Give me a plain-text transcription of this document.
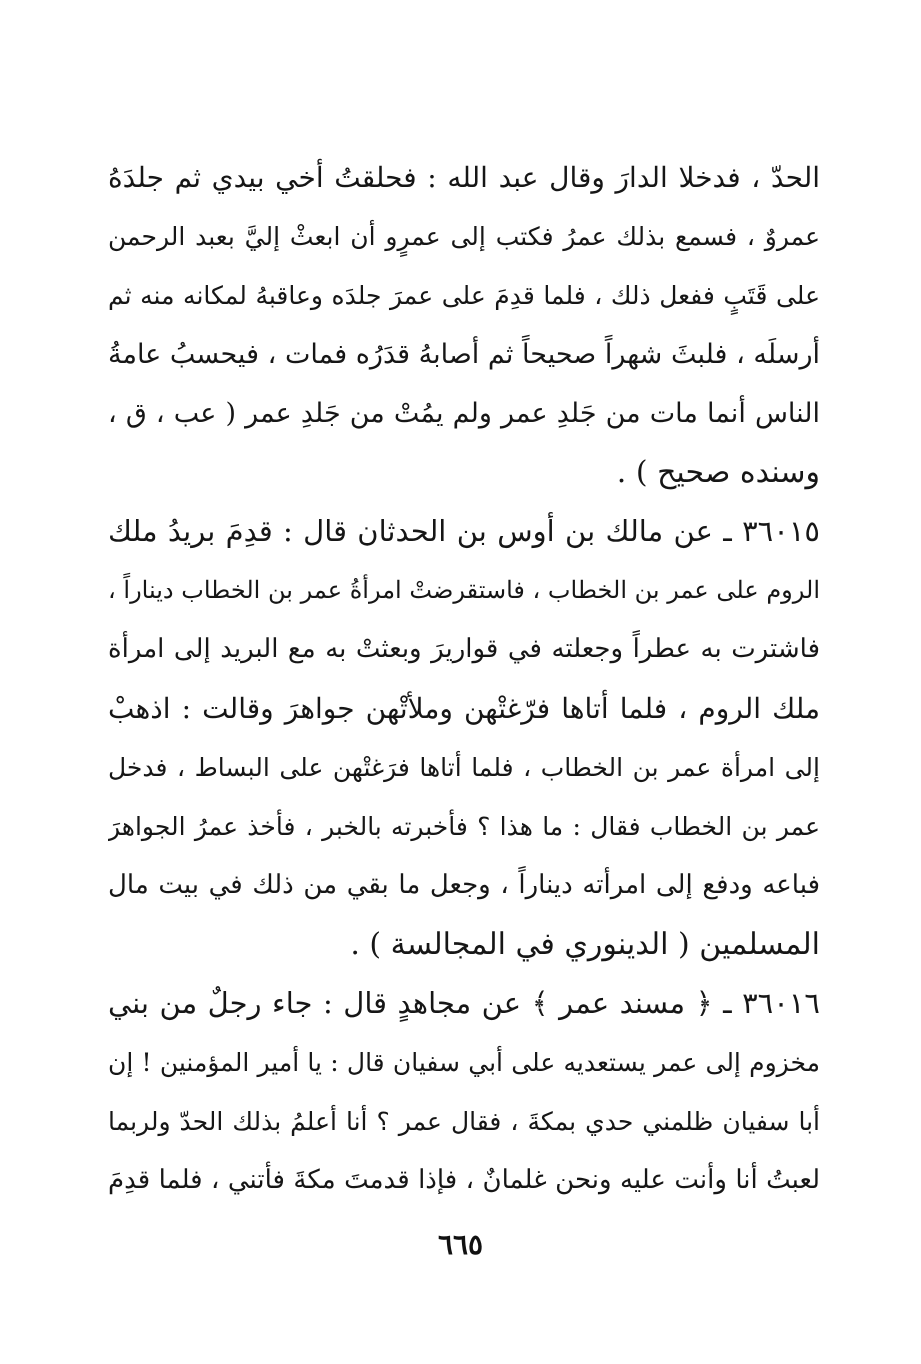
الحدّ ، فدخلا الدارَ وقال عبد الله : فحلقتُ أخي بيدي ثم جلدَهُ
عمروٌ ، فسمع بذلك عمرُ فكتب إلى عمرٍو أن ابعثْ إليَّ بعبد الرحمن
على قَتَبٍ ففعل ذلك ، فلما قدِمَ على عمرَ جلدَه وعاقبهُ لمكانه منه ثم
أرسلَه ، فلبثَ شهراً صحيحاً ثم أصابهُ قدَرُه فمات ، فيحسبُ عامةُ
الناس أنما مات من جَلدِ عمر ولم يمُتْ من جَلدِ عمر ( عب ، ق ،
وسنده صحيح ) .
٣٦٠١٥ ـ عن مالك بن أوس بن الحدثان قال : قدِمَ بريدُ ملك
الروم على عمر بن الخطاب ، فاستقرضتْ امرأةُ عمر بن الخطاب ديناراً ،
فاشترت به عطراً وجعلته في قواريرَ وبعثتْ به مع البريد إلى امرأة
ملك الروم ، فلما أتاها فرّغتْهن وملأتْهن جواهرَ وقالت : اذهبْ
إلى امرأة عمر بن الخطاب ، فلما أتاها فرَغتْهن على البساط ، فدخل
عمر بن الخطاب فقال : ما هذا ؟ فأخبرته بالخبر ، فأخذ عمرُ الجواهرَ
فباعه ودفع إلى امرأته ديناراً ، وجعل ما بقي من ذلك في بيت مال
المسلمين ( الدينوري في المجالسة ) .
٣٦٠١٦ ـ ﴿ مسند عمر ﴾ عن مجاهدٍ قال : جاء رجلٌ من بني
مخزوم إلى عمر يستعديه على أبي سفيان قال : يا أمير المؤمنين ! إن
أبا سفيان ظلمني حدي بمكةَ ، فقال عمر ؟ أنا أعلمُ بذلك الحدّ ولربما
لعبتُ أنا وأنت عليه ونحن غلمانٌ ، فإذا قدمتَ مكةَ فأتني ، فلما قدِمَ
٦٦٥
